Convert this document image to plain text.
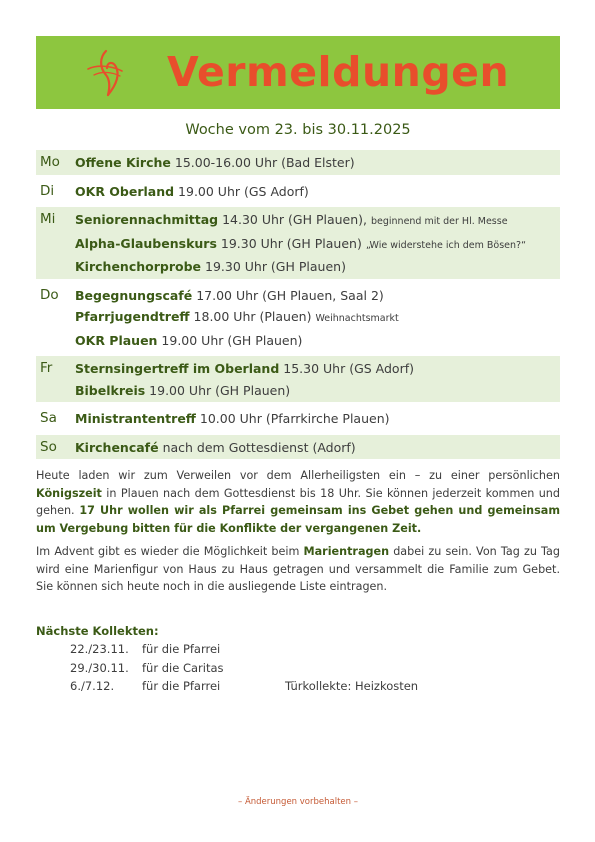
Vermeldungen
Woche vom 23. bis 30.11.2025
Mo	Offene Kirche 15.00-16.00 Uhr (Bad Elster)
Di	OKR Oberland 19.00 Uhr (GS Adorf)
Mi	Seniorennachmittag 14.30 Uhr (GH Plauen), beginnend mit der Hl. Messe
Alpha-Glaubenskurs 19.30 Uhr (GH Plauen) „Wie widerstehe ich dem Bösen?“
Kirchenchorprobe 19.30 Uhr (GH Plauen)
Do	Begegnungscafé 17.00 Uhr (GH Plauen, Saal 2)
Pfarrjugendtreff 18.00 Uhr (Plauen) Weihnachtsmarkt
OKR Plauen 19.00 Uhr (GH Plauen)
Fr	Sternsingertreff im Oberland 15.30 Uhr (GS Adorf)
Bibelkreis 19.00 Uhr (GH Plauen)
Sa	Ministrantentreff 10.00 Uhr (Pfarrkirche Plauen)
So	Kirchencafé nach dem Gottesdienst (Adorf)
Heute laden wir zum Verweilen vor dem Allerheiligsten ein – zu einer persönlichen Königszeit in Plauen nach dem Gottesdienst bis 18 Uhr. Sie können jederzeit kommen und gehen. 17 Uhr wollen wir als Pfarrei gemeinsam ins Gebet gehen und gemeinsam um Vergebung bitten für die Konflikte der vergangenen Zeit.
Im Advent gibt es wieder die Möglichkeit beim Marientragen dabei zu sein. Von Tag zu Tag wird eine Marienfigur von Haus zu Haus getragen und versammelt die Familie zum Gebet. Sie können sich heute noch in die ausliegende Liste eintragen.
Nächste Kollekten:
22./23.11.	für die Pfarrei
29./30.11.	für die Caritas
6./7.12.	für die Pfarrei	Türkollekte: Heizkosten
– Änderungen vorbehalten –
